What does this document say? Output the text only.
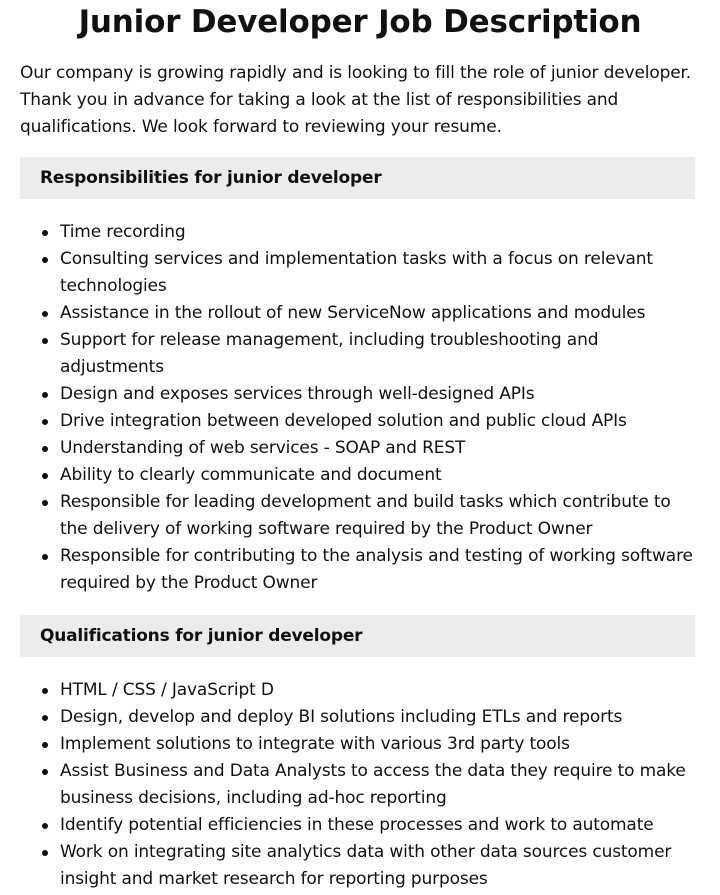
Junior Developer Job Description

Our company is growing rapidly and is looking to fill the role of junior developer. Thank you in advance for taking a look at the list of responsibilities and qualifications. We look forward to reviewing your resume.

Responsibilities for junior developer
Time recording
Consulting services and implementation tasks with a focus on relevant technologies
Assistance in the rollout of new ServiceNow applications and modules
Support for release management, including troubleshooting and adjustments
Design and exposes services through well-designed APIs
Drive integration between developed solution and public cloud APIs
Understanding of web services - SOAP and REST
Ability to clearly communicate and document
Responsible for leading development and build tasks which contribute to the delivery of working software required by the Product Owner
Responsible for contributing to the analysis and testing of working software required by the Product Owner
Qualifications for junior developer
HTML / CSS / JavaScript D
Design, develop and deploy BI solutions including ETLs and reports
Implement solutions to integrate with various 3rd party tools
Assist Business and Data Analysts to access the data they require to make business decisions, including ad-hoc reporting
Identify potential efficiencies in these processes and work to automate
Work on integrating site analytics data with other data sources customer insight and market research for reporting purposes
